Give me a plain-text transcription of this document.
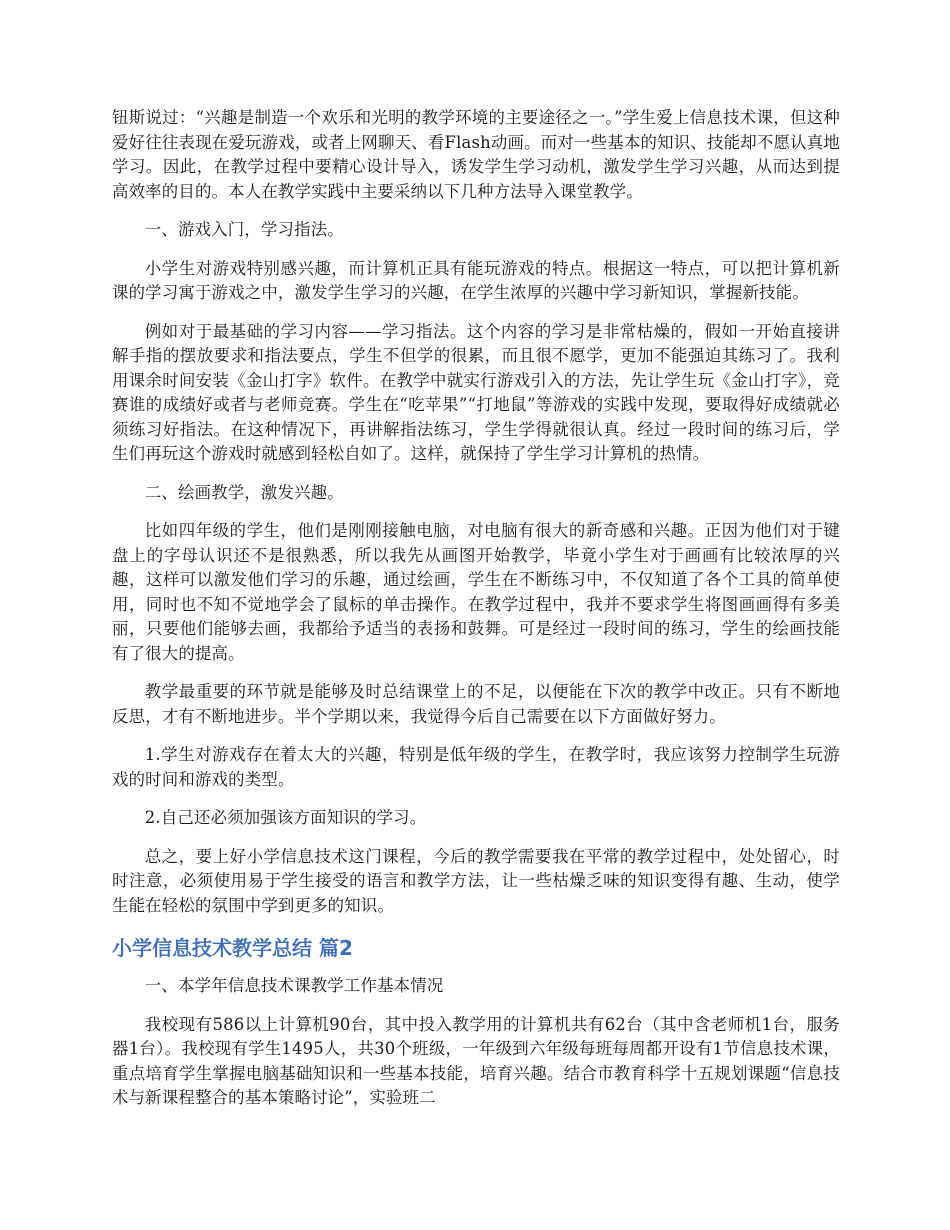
钮斯说过：“兴趣是制造一个欢乐和光明的教学环境的主要途径之一。”学生爱上信息技术课，但这种爱好往往表现在爱玩游戏，或者上网聊天、看Flash动画。而对一些基本的知识、技能却不愿认真地学习。因此，在教学过程中要精心设计导入，诱发学生学习动机，激发学生学习兴趣，从而达到提高效率的目的。本人在教学实践中主要采纳以下几种方法导入课堂教学。

一、游戏入门，学习指法。

小学生对游戏特别感兴趣，而计算机正具有能玩游戏的特点。根据这一特点，可以把计算机新课的学习寓于游戏之中，激发学生学习的兴趣，在学生浓厚的兴趣中学习新知识，掌握新技能。

例如对于最基础的学习内容——学习指法。这个内容的学习是非常枯燥的，假如一开始直接讲解手指的摆放要求和指法要点，学生不但学的很累，而且很不愿学，更加不能强迫其练习了。我利用课余时间安装《金山打字》软件。在教学中就实行游戏引入的方法，先让学生玩《金山打字》，竞赛谁的成绩好或者与老师竞赛。学生在“吃苹果”“打地鼠”等游戏的实践中发现，要取得好成绩就必须练习好指法。在这种情况下，再讲解指法练习，学生学得就很认真。经过一段时间的练习后，学生们再玩这个游戏时就感到轻松自如了。这样，就保持了学生学习计算机的热情。

二、绘画教学，激发兴趣。

比如四年级的学生，他们是刚刚接触电脑，对电脑有很大的新奇感和兴趣。正因为他们对于键盘上的字母认识还不是很熟悉，所以我先从画图开始教学，毕竟小学生对于画画有比较浓厚的兴趣，这样可以激发他们学习的乐趣，通过绘画，学生在不断练习中，不仅知道了各个工具的简单使用，同时也不知不觉地学会了鼠标的单击操作。在教学过程中，我并不要求学生将图画画得有多美丽，只要他们能够去画，我都给予适当的表扬和鼓舞。可是经过一段时间的练习，学生的绘画技能有了很大的提高。

教学最重要的环节就是能够及时总结课堂上的不足，以便能在下次的教学中改正。只有不断地反思，才有不断地进步。半个学期以来，我觉得今后自己需要在以下方面做好努力。

1.学生对游戏存在着太大的兴趣，特别是低年级的学生，在教学时，我应该努力控制学生玩游戏的时间和游戏的类型。

2.自己还必须加强该方面知识的学习。

总之，要上好小学信息技术这门课程，今后的教学需要我在平常的教学过程中，处处留心，时时注意，必须使用易于学生接受的语言和教学方法，让一些枯燥乏味的知识变得有趣、生动，使学生能在轻松的氛围中学到更多的知识。

小学信息技术教学总结 篇2

一、本学年信息技术课教学工作基本情况

我校现有586以上计算机90台，其中投入教学用的计算机共有62台（其中含老师机1台，服务器1台）。我校现有学生1495人，共30个班级，一年级到六年级每班每周都开设有1节信息技术课，重点培育学生掌握电脑基础知识和一些基本技能，培育兴趣。结合市教育科学十五规划课题“信息技术与新课程整合的基本策略讨论”，实验班二
